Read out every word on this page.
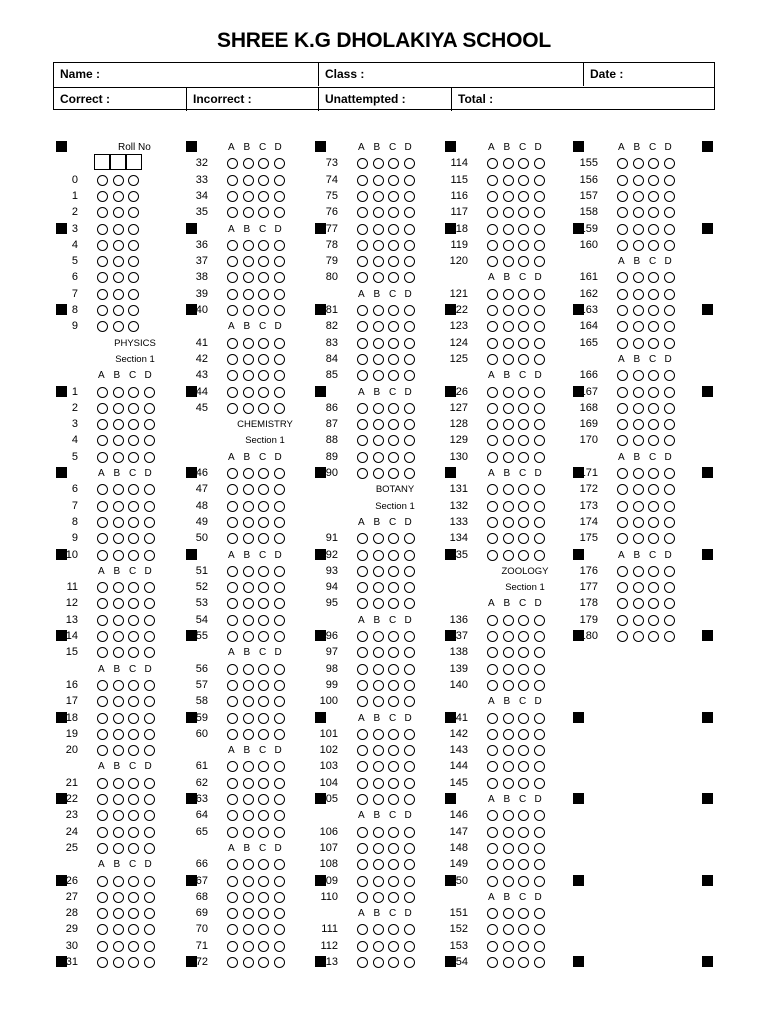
SHREE K.G DHOLAKIYA SCHOOL
Name :	Class :	Date :
Correct :	Incorrect :	Unattempted :	Total :
Roll No
0
1
2
3
4
5
6
7
8
9
PHYSICS
Section 1
A B C D
1
2
3
4
5
A B C D
6
7
8
9
10
A B C D
11
12
13
14
15
A B C D
16
17
18
19
20
A B C D
21
22
23
24
25
A B C D
26
27
28
29
30
31
A B C D
32
33
34
35
A B C D
36
37
38
39
40
A B C D
41
42
43
44
45
CHEMISTRY
Section 1
A B C D
46
47
48
49
50
A B C D
51
52
53
54
55
A B C D
56
57
58
59
60
A B C D
61
62
63
64
65
A B C D
66
67
68
69
70
71
72
A B C D
73
74
75
76
77
78
79
80
A B C D
81
82
83
84
85
A B C D
86
87
88
89
90
BOTANY
Section 1
A B C D
91
92
93
94
95
A B C D
96
97
98
99
100
A B C D
101
102
103
104
105
A B C D
106
107
108
109
110
A B C D
111
112
113
A B C D
114
115
116
117
118
119
120
A B C D
121
122
123
124
125
A B C D
126
127
128
129
130
A B C D
131
132
133
134
135
ZOOLOGY
Section 1
A B C D
136
137
138
139
140
A B C D
141
142
143
144
145
A B C D
146
147
148
149
150
A B C D
151
152
153
154
A B C D
155
156
157
158
159
160
A B C D
161
162
163
164
165
A B C D
166
167
168
169
170
A B C D
171
172
173
174
175
A B C D
176
177
178
179
180
